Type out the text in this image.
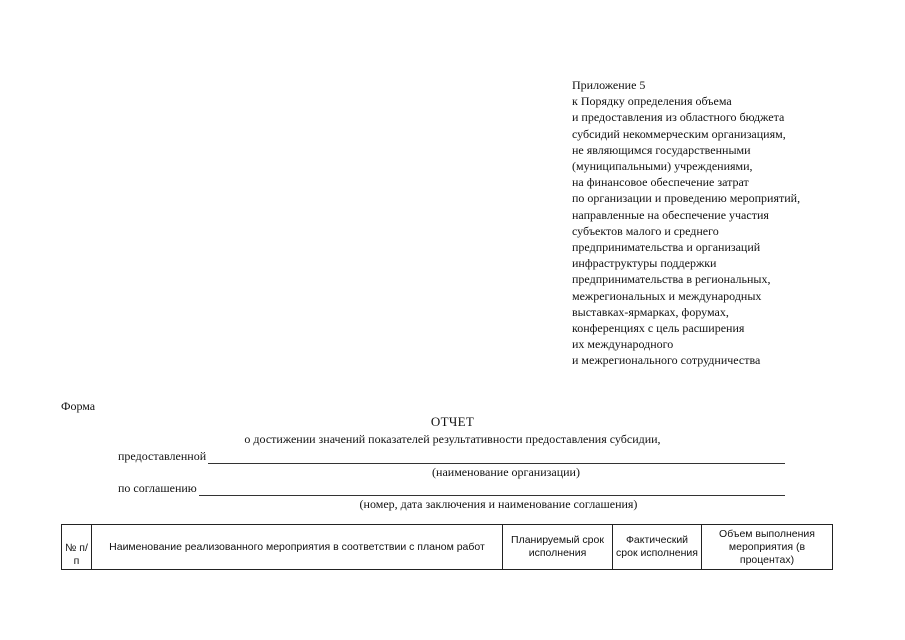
Приложение 5
к Порядку определения объема
и предоставления из областного бюджета
субсидий некоммерческим организациям,
не являющимся государственными
(муниципальными) учреждениями,
на финансовое обеспечение затрат
по организации и проведению мероприятий,
направленные на обеспечение участия
субъектов малого и среднего
предпринимательства и организаций
инфраструктуры поддержки
предпринимательства в региональных,
межрегиональных и международных
выставках-ярмарках, форумах,
конференциях с цель расширения
их международного
и межрегионального сотрудничества
Форма
ОТЧЕТ
о достижении значений показателей результативности предоставления субсидии,
предоставленной
(наименование организации)
по соглашению
(номер, дата заключения и наименование соглашения)
№ п/п	Наименование реализованного мероприятия в соответствии с планом работ	Планируемый срок исполнения	Фактический срок исполнения	Объем выполнения мероприятия (в процентах)
